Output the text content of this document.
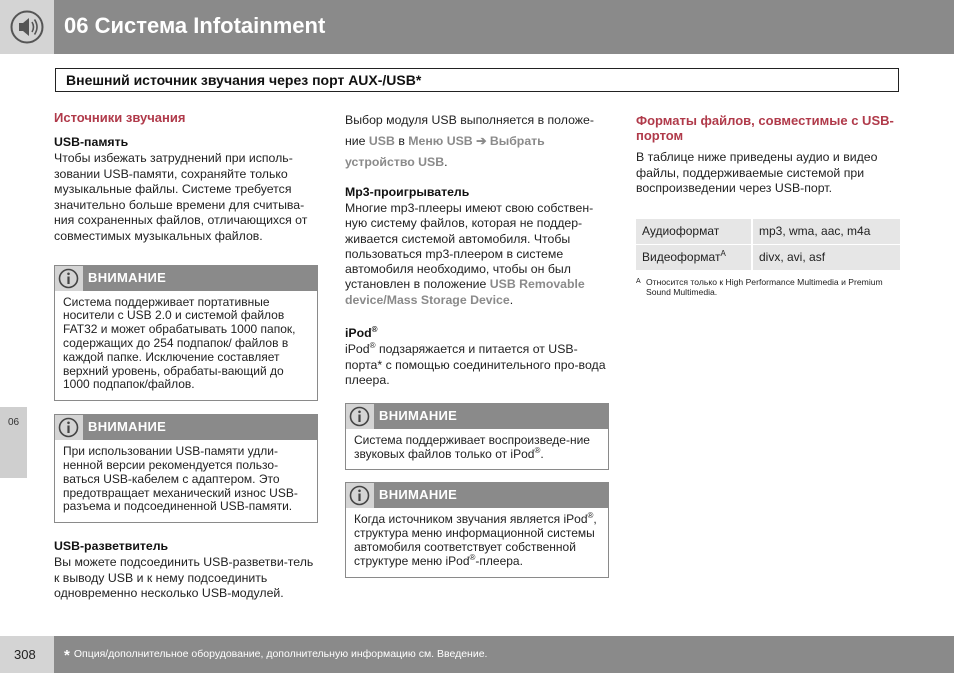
06 Система Infotainment
Внешний источник звучания через порт AUX-/USB*
06
Источники звучания
USB-память

Чтобы избежать затруднений при исполь-зовании USB-памяти, сохраняйте только музыкальные файлы. Системе требуется значительно больше времени для считыва-ния сохраненных файлов, отличающихся от совместимых музыкальных файлов.

ВНИМАНИЕ
Система поддерживает портативные носители с USB 2.0 и системой файлов FAT32 и может обрабатывать 1000 папок, содержащих до 254 подпапок/ файлов в каждой папке. Исключение составляет верхний уровень, обрабаты-вающий до 1000 подпапок/файлов.
ВНИМАНИЕ
При использовании USB-памяти удли-ненной версии рекомендуется пользо-ваться USB-кабелем с адаптером. Это предотвращает механический износ USB-разъема и подсоединенной USB-памяти.
USB-разветвитель

Вы можете подсоединить USB-разветви-тель к выводу USB и к нему подсоединить одновременно несколько USB-модулей.

Выбор модуля USB выполняется в положе-ние USB в Меню USB ➔ Выбрать устройство USB.

Mp3-проигрыватель

Многие mp3-плееры имеют свою собствен-ную систему файлов, которая не поддер-живается системой автомобиля. Чтобы пользоваться mp3-плеером в системе автомобиля необходимо, чтобы он был установлен в положение USB Removable device/Mass Storage Device.

iPod®

iPod® подзаряжается и питается от USB-порта* с помощью соединительного про-вода плеера.

ВНИМАНИЕ
Система поддерживает воспроизведе-ние звуковых файлов только от iPod®.
ВНИМАНИЕ
Когда источником звучания является iPod®, структура меню информационной системы автомобиля соответствует собственной структуре меню iPod®-плеера.
Форматы файлов, совместимые с USB-портом

В таблице ниже приведены аудио и видео файлы, поддерживаемые системой при воспроизведении через USB-порт.

Аудиоформат	mp3, wma, aac, m4a
Видеоформат$^A$	divx, avi, asf
A Относится только к High Performance Multimedia и Premium Sound Multimedia.
308	* Опция/дополнительное оборудование, дополнительную информацию см. Введение.
